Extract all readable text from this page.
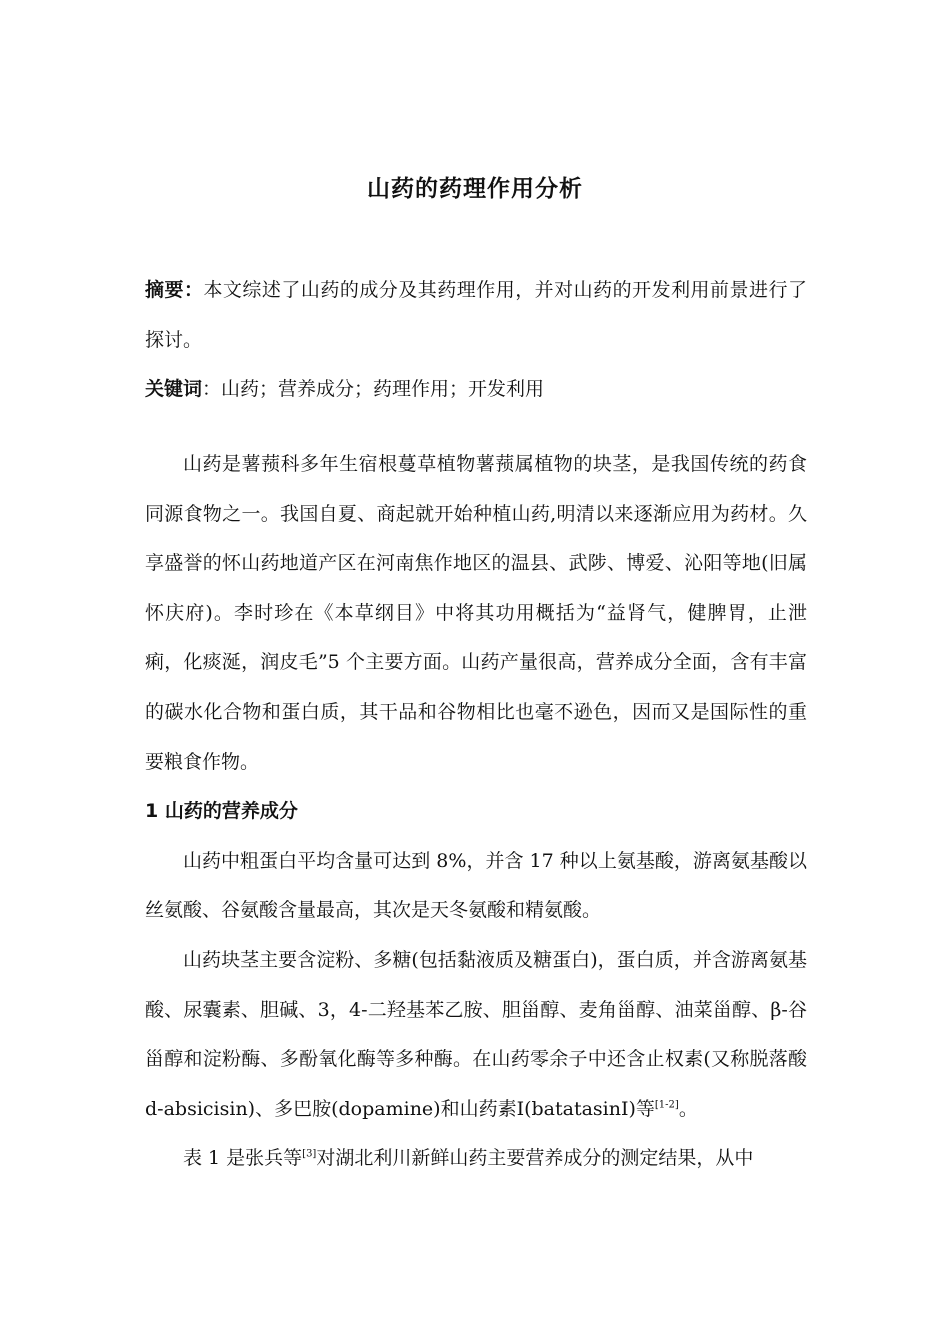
山药的药理作用分析

摘要：本文综述了山药的成分及其药理作用，并对山药的开发利用前景进行了探讨。

关键词：山药；营养成分；药理作用；开发利用

山药是薯蓣科多年生宿根蔓草植物薯蓣属植物的块茎，是我国传统的药食同源食物之一。我国自夏、商起就开始种植山药,明清以来逐渐应用为药材。久享盛誉的怀山药地道产区在河南焦作地区的温县、武陟、博爱、沁阳等地(旧属怀庆府)。李时珍在《本草纲目》中将其功用概括为“益肾气，健脾胃，止泄痢，化痰涎，润皮毛”5 个主要方面。山药产量很高，营养成分全面，含有丰富的碳水化合物和蛋白质，其干品和谷物相比也毫不逊色，因而又是国际性的重要粮食作物。

1 山药的营养成分

山药中粗蛋白平均含量可达到 8%，并含 17 种以上氨基酸，游离氨基酸以丝氨酸、谷氨酸含量最高，其次是天冬氨酸和精氨酸。

山药块茎主要含淀粉、多糖(包括黏液质及糖蛋白)，蛋白质，并含游离氨基酸、尿囊素、胆碱、3，4-二羟基苯乙胺、胆甾醇、麦角甾醇、油菜甾醇、β-谷甾醇和淀粉酶、多酚氧化酶等多种酶。在山药零余子中还含止权素(又称脱落酸 d-absicisin)、多巴胺(dopamine)和山药素Ⅰ(batatasinⅠ)等[1-2]。

表 1 是张兵等[3]对湖北利川新鲜山药主要营养成分的测定结果，从中
